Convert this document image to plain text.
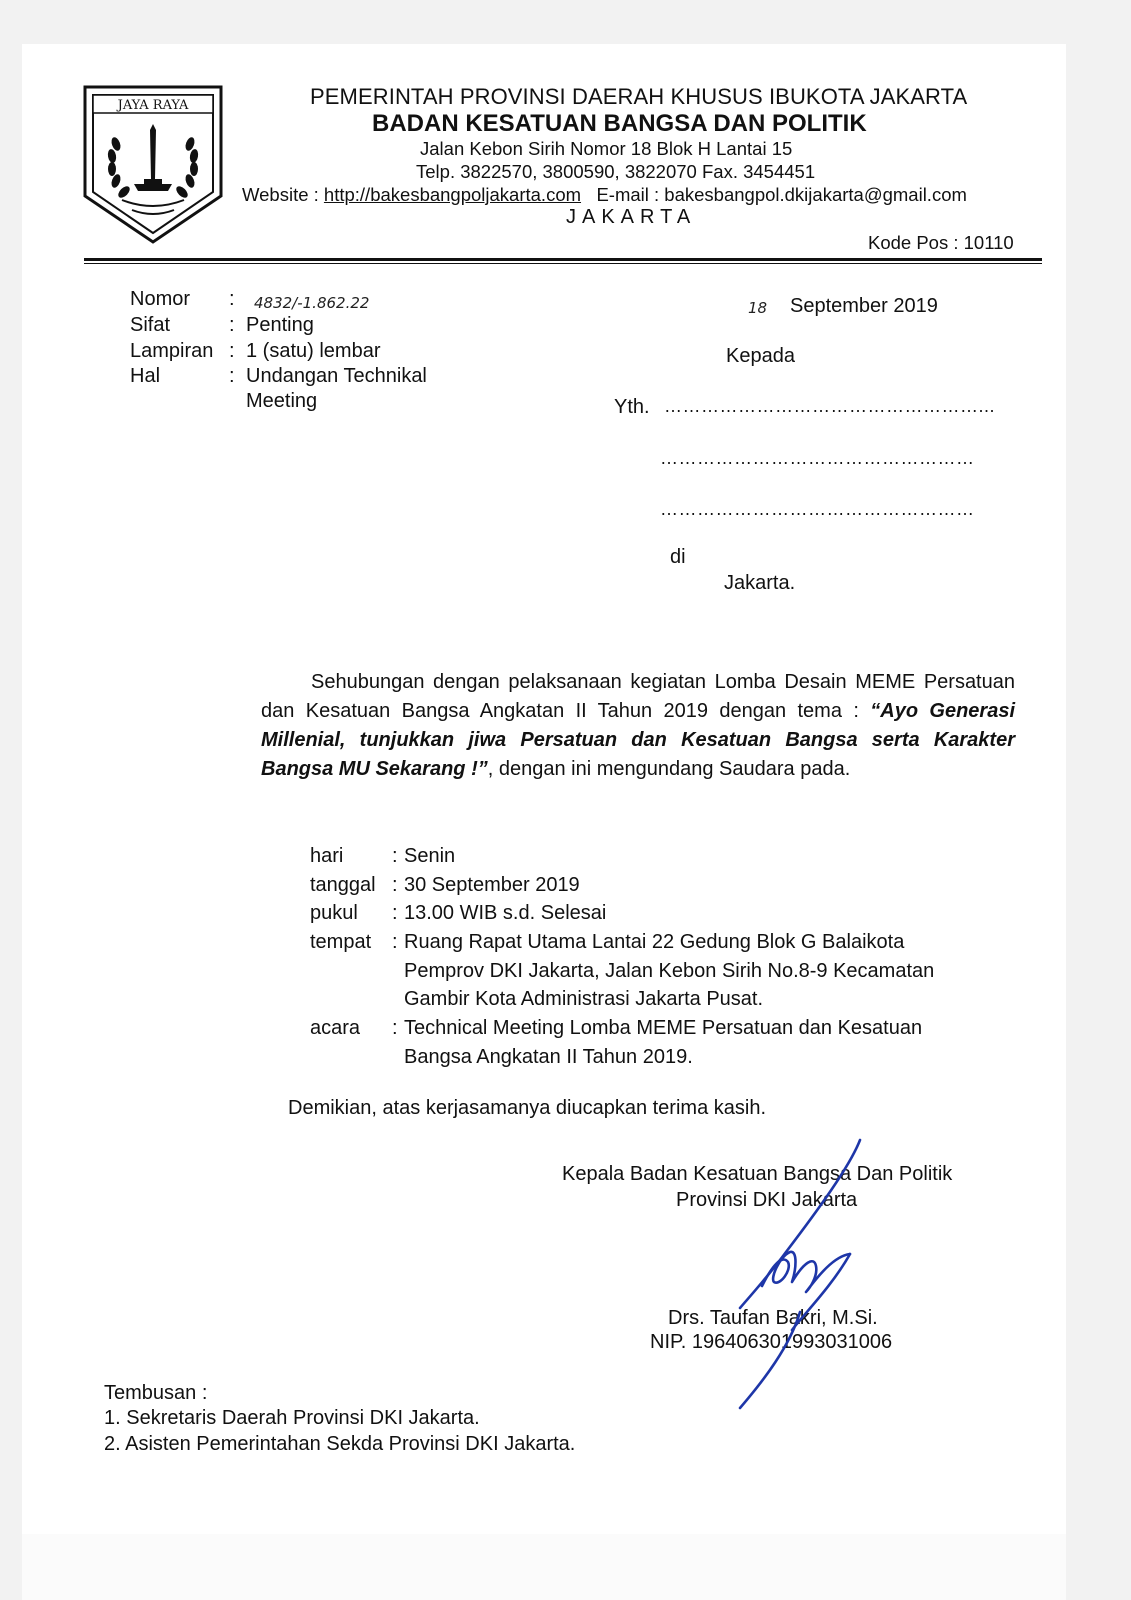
JAYA RAYA	PEMERINTAH PROVINSI DAERAH KHUSUS IBUKOTA JAKARTA
BADAN KESATUAN BANGSA DAN POLITIK
Jalan Kebon Sirih Nomor 18 Blok H Lantai 15
Telp. 3822570, 3800590, 3822070 Fax. 3454451
Website : http://bakesbangpoljakarta.com E-mail : bakesbangpol.dkijakarta@gmail.com
JAKARTA
Kode Pos : 10110
Nomor : 4832/-1.862.22
Sifat	: Penting
Lampiran : 1 (satu) lembar
Hal	: Undangan Technikal
Meeting
18 September 2019
Kepada
Yth. ……………………………………………...
……………………………………………
……………………………………………
di
Jakarta.
Sehubungan dengan pelaksanaan kegiatan Lomba Desain MEME Persatuan dan Kesatuan Bangsa Angkatan II Tahun 2019 dengan tema : “Ayo Generasi Millenial, tunjukkan jiwa Persatuan dan Kesatuan Bangsa serta Karakter Bangsa MU Sekarang !”, dengan ini mengundang Saudara pada.
hari : Senin
tanggal : 30 September 2019
pukul : 13.00 WIB s.d. Selesai
tempat : Ruang Rapat Utama Lantai 22 Gedung Blok G Balaikota
Pemprov DKI Jakarta, Jalan Kebon Sirih No.8-9 Kecamatan
Gambir Kota Administrasi Jakarta Pusat.
acara : Technical Meeting Lomba MEME Persatuan dan Kesatuan
Bangsa Angkatan II Tahun 2019.
Demikian, atas kerjasamanya diucapkan terima kasih.
Kepala Badan Kesatuan Bangsa Dan Politik
Provinsi DKI Jakarta
Drs. Taufan Bakri, M.Si.
NIP. 196406301993031006
Tembusan :
1. Sekretaris Daerah Provinsi DKI Jakarta.
2. Asisten Pemerintahan Sekda Provinsi DKI Jakarta.
